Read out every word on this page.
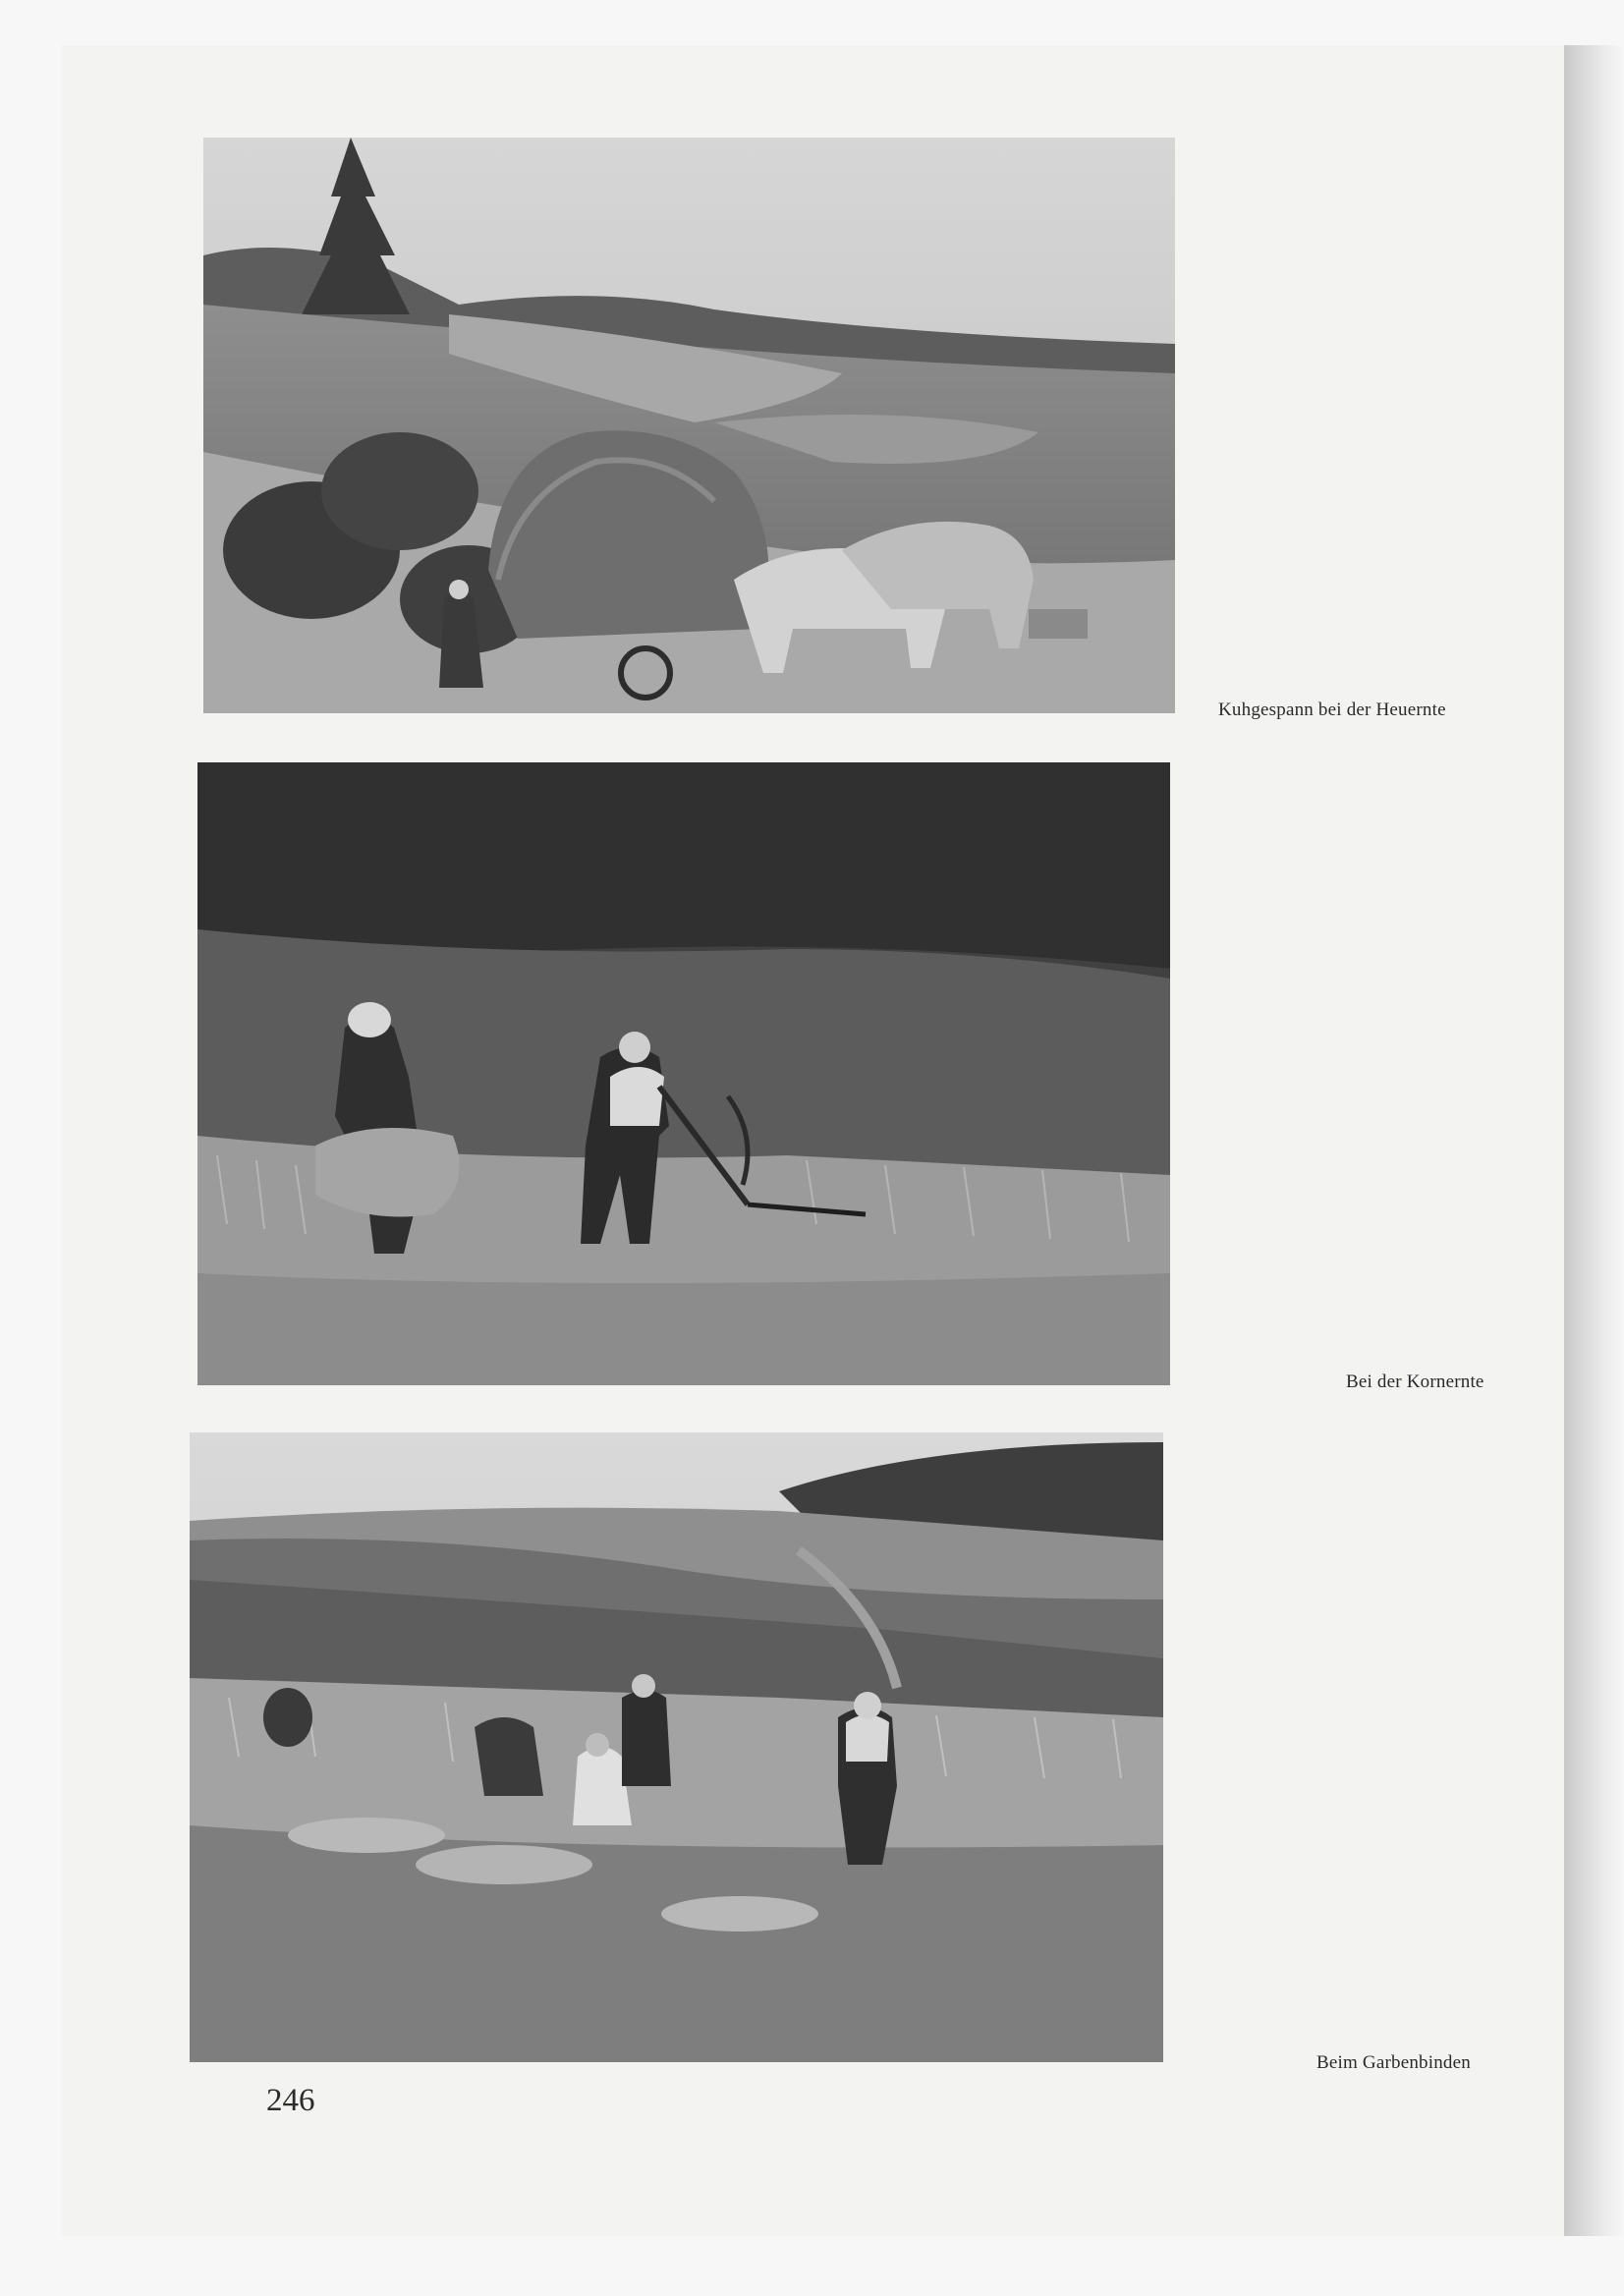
Kuhgespann bei der Heuernte
Bei der Kornernte
Beim Garbenbinden
246
